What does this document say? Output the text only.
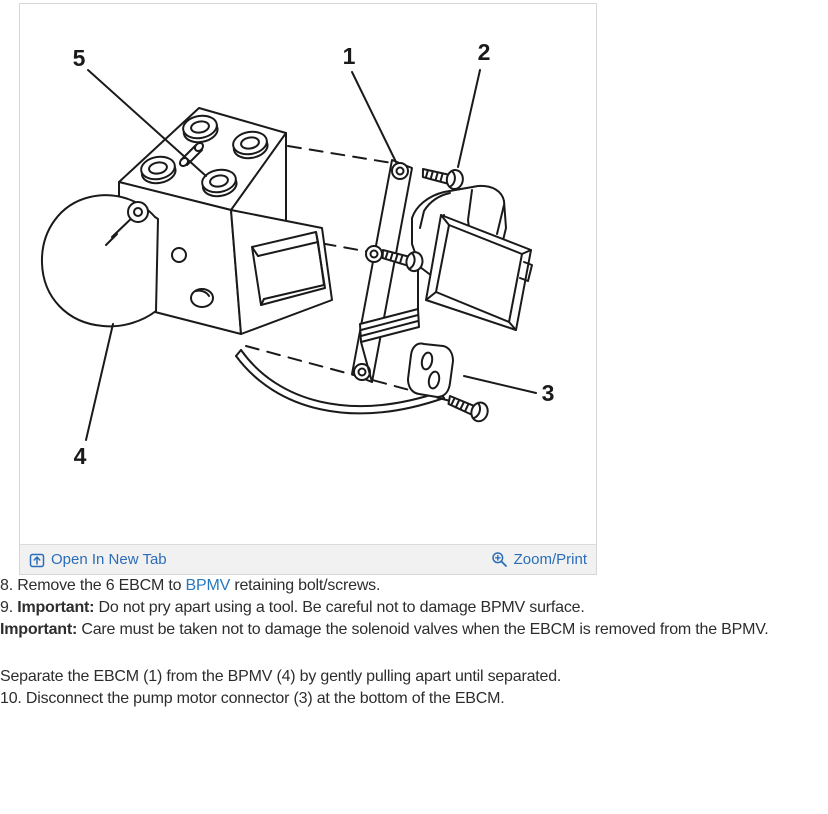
5	1	2
3
4
Open In New Tab	Zoom/Print

8. Remove the 6 EBCM to BPMV retaining bolt/screws.

9. Important: Do not pry apart using a tool. Be careful not to damage BPMV surface.

Important: Care must be taken not to damage the solenoid valves when the EBCM is removed from the BPMV.

Separate the EBCM (1) from the BPMV (4) by gently pulling apart until separated.

10. Disconnect the pump motor connector (3) at the bottom of the EBCM.
